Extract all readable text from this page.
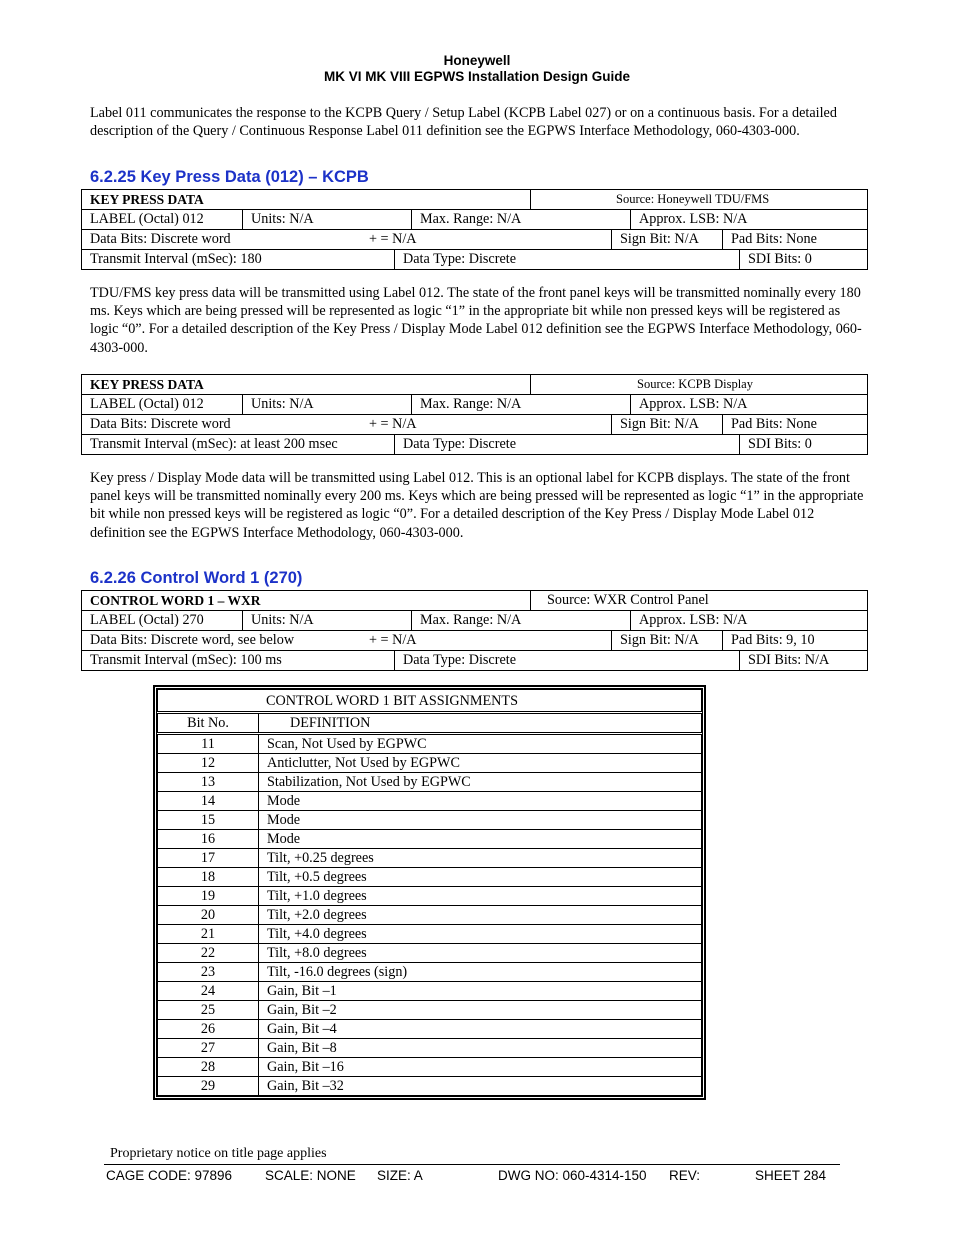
Honeywell
MK VI MK VIII EGPWS Installation Design Guide

Label 011 communicates the response to the KCPB Query / Setup Label (KCPB Label 027) or on a continuous basis. For a detailed description of the Query / Continuous Response Label 011 definition see the EGPWS Interface Methodology, 060-4303-000.

6.2.25 Key Press Data (012) – KCPB
KEY PRESS DATA	Source: Honeywell TDU/FMS
LABEL (Octal) 012	Units: N/A	Max. Range: N/A	Approx. LSB: N/A
Data Bits: Discrete word	+ = N/A	Sign Bit: N/A	Pad Bits: None
Transmit Interval (mSec): 180	Data Type: Discrete	SDI Bits: 0

TDU/FMS key press data will be transmitted using Label 012. The state of the front panel keys will be transmitted nominally every 180 ms. Keys which are being pressed will be represented as logic “1” in the appropriate bit while non pressed keys will be registered as logic “0”. For a detailed description of the Key Press / Display Mode Label 012 definition see the EGPWS Interface Methodology, 060-4303-000.

KEY PRESS DATA	Source: KCPB Display
LABEL (Octal) 012	Units: N/A	Max. Range: N/A	Approx. LSB: N/A
Data Bits: Discrete word	+ = N/A	Sign Bit: N/A	Pad Bits: None
Transmit Interval (mSec): at least 200 msec	Data Type: Discrete	SDI Bits: 0

Key press / Display Mode data will be transmitted using Label 012. This is an optional label for KCPB displays. The state of the front panel keys will be transmitted nominally every 200 ms. Keys which are being pressed will be represented as logic “1” in the appropriate bit while non pressed keys will be registered as logic “0”. For a detailed description of the Key Press / Display Mode Label 012 definition see the EGPWS Interface Methodology, 060-4303-000.

6.2.26 Control Word 1 (270)
CONTROL WORD 1 – WXR	Source: WXR Control Panel
LABEL (Octal) 270	Units: N/A	Max. Range: N/A	Approx. LSB: N/A
Data Bits: Discrete word, see below	+ = N/A	Sign Bit: N/A	Pad Bits: 9, 10
Transmit Interval (mSec): 100 ms	Data Type: Discrete	SDI Bits: N/A
CONTROL WORD 1 BIT ASSIGNMENTS	
Bit No.	DEFINITION
11	Scan, Not Used by EGPWC
12	Anticlutter, Not Used by EGPWC
13	Stabilization, Not Used by EGPWC
14	Mode
15	Mode
16	Mode
17	Tilt, +0.25 degrees
18	Tilt, +0.5 degrees
19	Tilt, +1.0 degrees
20	Tilt, +2.0 degrees
21	Tilt, +4.0 degrees
22	Tilt, +8.0 degrees
23	Tilt, -16.0 degrees (sign)
24	Gain, Bit –1
25	Gain, Bit –2
26	Gain, Bit –4
27	Gain, Bit –8
28	Gain, Bit –16
29	Gain, Bit –32
Proprietary notice on title page applies
CAGE CODE: 97896 SCALE: NONE SIZE: A	DWG NO: 060-4314-150 REV:	SHEET 284
